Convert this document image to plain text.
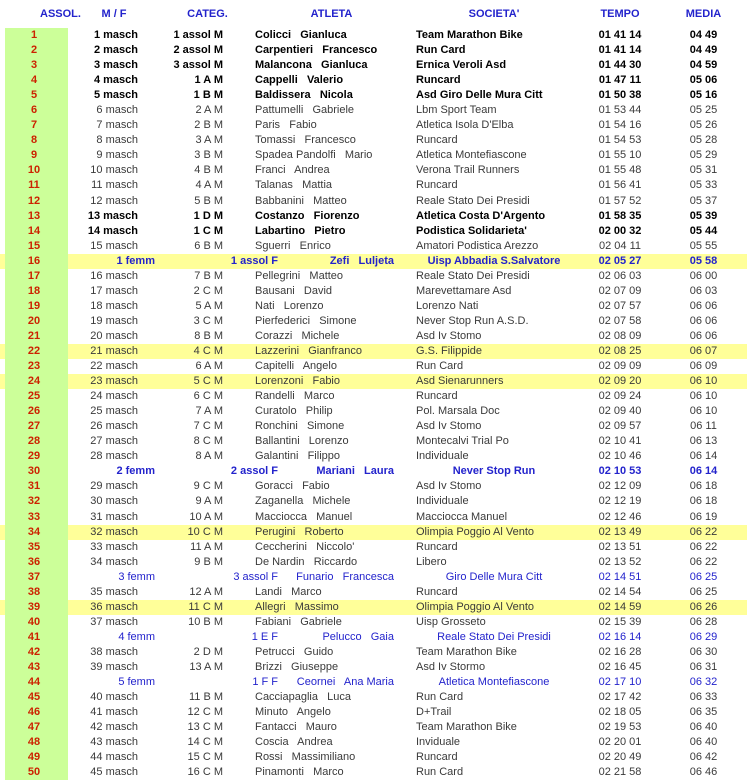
ASSOL.	M / F	CATEG.	ATLETA	SOCIETA'	TEMPO	MEDIA
1	1 masch	1 assol M	Colicci   Gianluca	Team Marathon Bike	01 41 14	04 49
2	2 masch	2 assol M	Carpentieri   Francesco	Run Card	01 41 14	04 49
3	3 masch	3 assol M	Malancona   Gianluca	Ernica Veroli Asd	01 44 30	04 59
4	4 masch	1 A M	Cappelli   Valerio	Runcard	01 47 11	05 06
5	5 masch	1 B M	Baldissera   Nicola	Asd Giro Delle Mura Citt	01 50 38	05 16
6	6 masch	2 A M	Pattumelli   Gabriele	Lbm Sport Team	01 53 44	05 25
7	7 masch	2 B M	Paris   Fabio	Atletica Isola D'Elba	01 54 16	05 26
8	8 masch	3 A M	Tomassi   Francesco	Runcard	01 54 53	05 28
9	9 masch	3 B M	Spadea Pandolfi   Mario	Atletica Montefiascone	01 55 10	05 29
10	10 masch	4 B M	Franci   Andrea	Verona Trail Runners	01 55 48	05 31
11	11 masch	4 A M	Talanas   Mattia	Runcard	01 56 41	05 33
12	12 masch	5 B M	Babbanini   Matteo	Reale Stato Dei Presidi	01 57 52	05 37
13	13 masch	1 D M	Costanzo   Fiorenzo	Atletica Costa D'Argento	01 58 35	05 39
14	14 masch	1 C M	Labartino   Pietro	Podistica Solidarieta'	02 00 32	05 44
15	15 masch	6 B M	Sguerri   Enrico	Amatori Podistica Arezzo	02 04 11	05 55
16	1 femm	1 assol F	Zefi   Luljeta	Uisp Abbadia S.Salvatore	02 05 27	05 58
17	16 masch	7 B M	Pellegrini   Matteo	Reale Stato Dei Presidi	02 06 03	06 00
18	17 masch	2 C M	Bausani   David	Marevettamare Asd	02 07 09	06 03
19	18 masch	5 A M	Nati   Lorenzo	Lorenzo Nati	02 07 57	06 06
20	19 masch	3 C M	Pierfederici   Simone	Never Stop Run A.S.D.	02 07 58	06 06
21	20 masch	8 B M	Corazzi   Michele	Asd Iv Stomo	02 08 09	06 06
22	21 masch	4 C M	Lazzerini   Gianfranco	G.S. Filippide	02 08 25	06 07
23	22 masch	6 A M	Capitelli   Angelo	Run Card	02 09 09	06 09
24	23 masch	5 C M	Lorenzoni   Fabio	Asd Sienarunners	02 09 20	06 10
25	24 masch	6 C M	Randelli   Marco	Runcard	02 09 24	06 10
26	25 masch	7 A M	Curatolo   Philip	Pol. Marsala Doc	02 09 40	06 10
27	26 masch	7 C M	Ronchini   Simone	Asd Iv Stomo	02 09 57	06 11
28	27 masch	8 C M	Ballantini   Lorenzo	Montecalvi Trial Po	02 10 41	06 13
29	28 masch	8 A M	Galantini   Filippo	Individuale	02 10 46	06 14
30	2 femm	2 assol F	Mariani   Laura	Never Stop Run	02 10 53	06 14
31	29 masch	9 C M	Goracci   Fabio	Asd Iv Stomo	02 12 09	06 18
32	30 masch	9 A M	Zaganella   Michele	Individuale	02 12 19	06 18
33	31 masch	10 A M	Macciocca   Manuel	Macciocca Manuel	02 12 46	06 19
34	32 masch	10 C M	Perugini   Roberto	Olimpia Poggio Al Vento	02 13 49	06 22
35	33 masch	11 A M	Ceccherini   Niccolo'	Runcard	02 13 51	06 22
36	34 masch	9 B M	De Nardin   Riccardo	Libero	02 13 52	06 22
37	3 femm	3 assol F	Funario   Francesca	Giro Delle Mura Citt	02 14 51	06 25
38	35 masch	12 A M	Landi   Marco	Runcard	02 14 54	06 25
39	36 masch	11 C M	Allegri   Massimo	Olimpia Poggio Al Vento	02 14 59	06 26
40	37 masch	10 B M	Fabiani   Gabriele	Uisp Grosseto	02 15 39	06 28
41	4 femm	1 E F	Pelucco   Gaia	Reale Stato Dei Presidi	02 16 14	06 29
42	38 masch	2 D M	Petrucci   Guido	Team Marathon Bike	02 16 28	06 30
43	39 masch	13 A M	Brizzi   Giuseppe	Asd Iv Stormo	02 16 45	06 31
44	5 femm	1 F F	Ceornei   Ana Maria	Atletica Montefiascone	02 17 10	06 32
45	40 masch	11 B M	Cacciapaglia   Luca	Run Card	02 17 42	06 33
46	41 masch	12 C M	Minuto   Angelo	D+Trail	02 18 05	06 35
47	42 masch	13 C M	Fantacci   Mauro	Team Marathon Bike	02 19 53	06 40
48	43 masch	14 C M	Coscia   Andrea	Inviduale	02 20 01	06 40
49	44 masch	15 C M	Rossi   Massimiliano	Runcard	02 20 49	06 42
50	45 masch	16 C M	Pinamonti   Marco	Run Card	02 21 58	06 46
